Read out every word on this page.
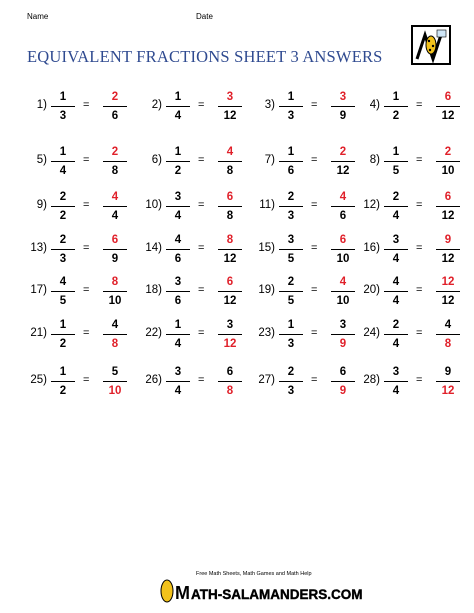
Name	Date
EQUIVALENT FRACTIONS SHEET 3 ANSWERS
1)
1
3
=
2
6
2)
1
4
=
3
12
3)
1
3
=
3
9
4)
1
2
=
6
12
5)
1
4
=
2
8
6)
1
2
=
4
8
7)
1
6
=
2
12
8)
1
5
=
2
10
9)
2
2
=
4
4
10)
3
4
=
6
8
11)
2
3
=
4
6
12)
2
4
=
6
12
13)
2
3
=
6
9
14)
4
6
=
8
12
15)
3
5
=
6
10
16)
3
4
=
9
12
17)
4
5
=
8
10
18)
3
6
=
6
12
19)
2
5
=
4
10
20)
4
4
=
12
12
21)
1
2
=
4
8
22)
1
4
=
3
12
23)
1
3
=
3
9
24)
2
4
=
4
8
25)
1
2
=
5
10
26)
3
4
=
6
8
27)
2
3
=
6
9
28)
3
4
=
9
12
Free Math Sheets, Math Games and Math Help
M ATH-SALAMANDERS.COM
